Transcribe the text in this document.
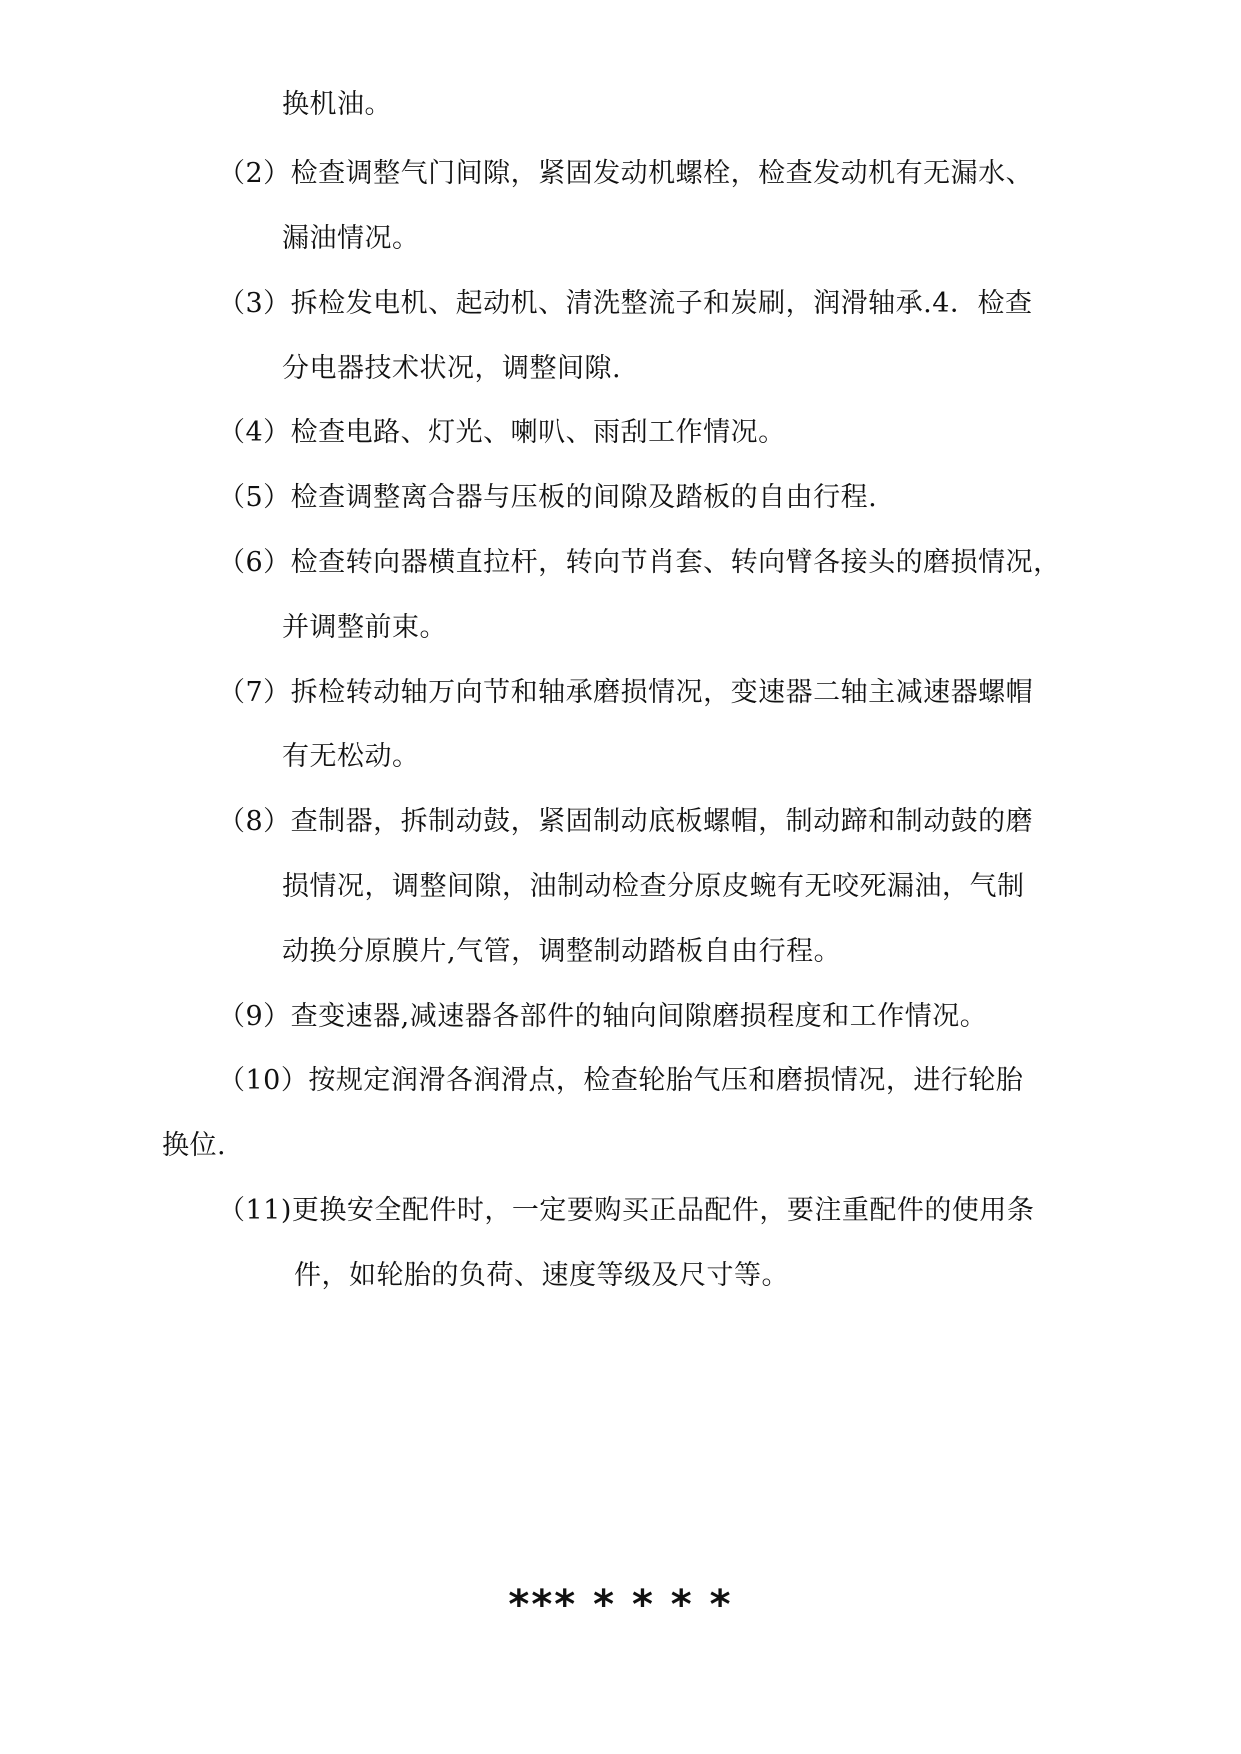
换机油。
（2）检查调整气门间隙，紧固发动机螺栓，检查发动机有无漏水、
漏油情况。
（3）拆检发电机、起动机、清洗整流子和炭刷，润滑轴承.4．检查
分电器技术状况，调整间隙.
（4）检查电路、灯光、喇叭、雨刮工作情况。
（5）检查调整离合器与压板的间隙及踏板的自由行程.
（6）检查转向器横直拉杆，转向节肖套、转向臂各接头的磨损情况，
并调整前束。
（7）拆检转动轴万向节和轴承磨损情况，变速器二轴主减速器螺帽
有无松动。
（8）查制器，拆制动鼓，紧固制动底板螺帽，制动蹄和制动鼓的磨
损情况，调整间隙，油制动检查分原皮蜿有无咬死漏油，气制
动换分原膜片,气管，调整制动踏板自由行程。
（9）查变速器,减速器各部件的轴向间隙磨损程度和工作情况。
（10）按规定润滑各润滑点，检查轮胎气压和磨损情况，进行轮胎
换位.
（11)更换安全配件时，一定要购买正品配件，要注重配件的使用条
件，如轮胎的负荷、速度等级及尺寸等。
*** * * * *
